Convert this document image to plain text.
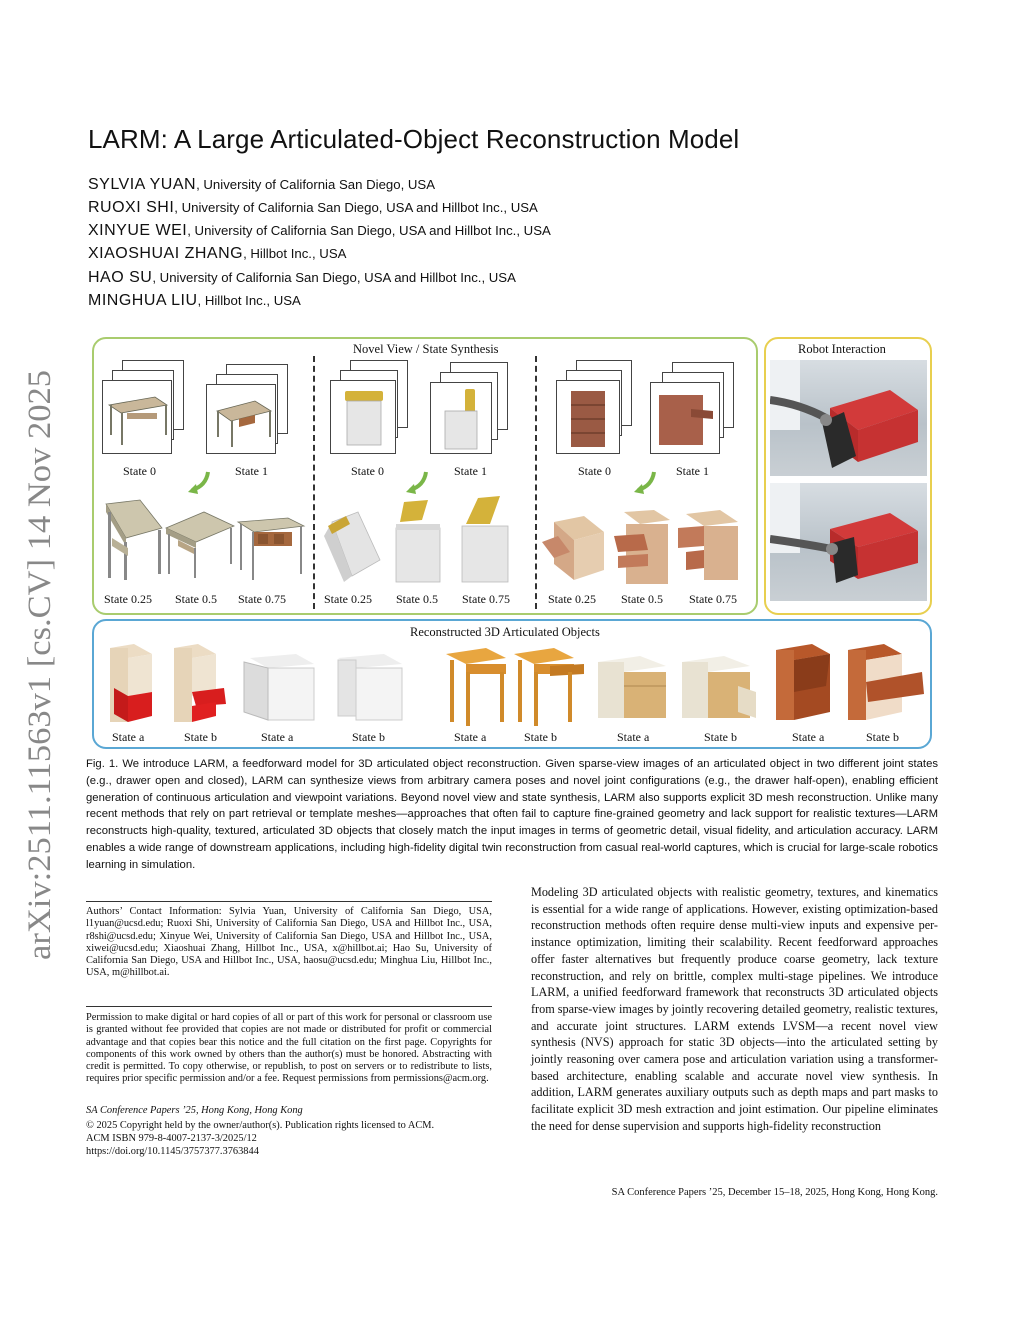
arXiv:2511.11563v1 [cs.CV] 14 Nov 2025
LARM: A Large Articulated-Object Reconstruction Model
SYLVIA YUAN, University of California San Diego, USA
RUOXI SHI, University of California San Diego, USA and Hillbot Inc., USA
XINYUE WEI, University of California San Diego, USA and Hillbot Inc., USA
XIAOSHUAI ZHANG, Hillbot Inc., USA
HAO SU, University of California San Diego, USA and Hillbot Inc., USA
MINGHUA LIU, Hillbot Inc., USA
Novel View / State Synthesis
State 0	State 1
State 0.25 State 0.5 State 0.75
State 0	State 1
State 0.25 State 0.5 State 0.75
State 0	State 1
State 0.25 State 0.5 State 0.75
Robot Interaction
Reconstructed 3D Articulated Objects
State a	State b	State a	State b	State a	State b	State a	State b	State a	State b
Fig. 1. We introduce LARM, a feedforward model for 3D articulated object reconstruction. Given sparse-view images of an articulated object in two different joint states (e.g., drawer open and closed), LARM can synthesize views from arbitrary camera poses and novel joint configurations (e.g., the drawer half-open), enabling efficient generation of continuous articulation and viewpoint variations. Beyond novel view and state synthesis, LARM also supports explicit 3D mesh reconstruction. Unlike many recent methods that rely on part retrieval or template meshes—approaches that often fail to capture fine-grained geometry and lack support for realistic textures—LARM reconstructs high-quality, textured, articulated 3D objects that closely match the input images in terms of geometric detail, visual fidelity, and articulation accuracy. LARM enables a wide range of downstream applications, including high-fidelity digital twin reconstruction from casual real-world captures, which is crucial for large-scale robotics learning in simulation.
Authors’ Contact Information: Sylvia Yuan, University of California San Diego, USA, l1yuan@ucsd.edu; Ruoxi Shi, University of California San Diego, USA and Hillbot Inc., USA, r8shi@ucsd.edu; Xinyue Wei, University of California San Diego, USA and Hillbot Inc., USA, xiwei@ucsd.edu; Xiaoshuai Zhang, Hillbot Inc., USA, x@hillbot.ai; Hao Su, University of California San Diego, USA and Hillbot Inc., USA, haosu@ucsd.edu; Minghua Liu, Hillbot Inc., USA, m@hillbot.ai.
Permission to make digital or hard copies of all or part of this work for personal or classroom use is granted without fee provided that copies are not made or distributed for profit or commercial advantage and that copies bear this notice and the full citation on the first page. Copyrights for components of this work owned by others than the author(s) must be honored. Abstracting with credit is permitted. To copy otherwise, or republish, to post on servers or to redistribute to lists, requires prior specific permission and/or a fee. Request permissions from permissions@acm.org.
SA Conference Papers ’25, Hong Kong, Hong Kong
© 2025 Copyright held by the owner/author(s). Publication rights licensed to ACM.
ACM ISBN 979-8-4007-2137-3/2025/12
https://doi.org/10.1145/3757377.3763844
Modeling 3D articulated objects with realistic geometry, textures, and kinematics is essential for a wide range of applications. However, existing optimization-based reconstruction methods often require dense multi-view inputs and expensive per-instance optimization, limiting their scalability. Recent feedforward approaches offer faster alternatives but frequently produce coarse geometry, lack texture reconstruction, and rely on brittle, complex multi-stage pipelines. We introduce LARM, a unified feedforward framework that reconstructs 3D articulated objects from sparse-view images by jointly recovering detailed geometry, realistic textures, and accurate joint structures. LARM extends LVSM—a recent novel view synthesis (NVS) approach for static 3D objects—into the articulated setting by jointly reasoning over camera pose and articulation variation using a transformer-based architecture, enabling scalable and accurate novel view synthesis. In addition, LARM generates auxiliary outputs such as depth maps and part masks to facilitate explicit 3D mesh extraction and joint estimation. Our pipeline eliminates the need for dense supervision and supports high-fidelity reconstruction
SA Conference Papers ’25, December 15–18, 2025, Hong Kong, Hong Kong.
